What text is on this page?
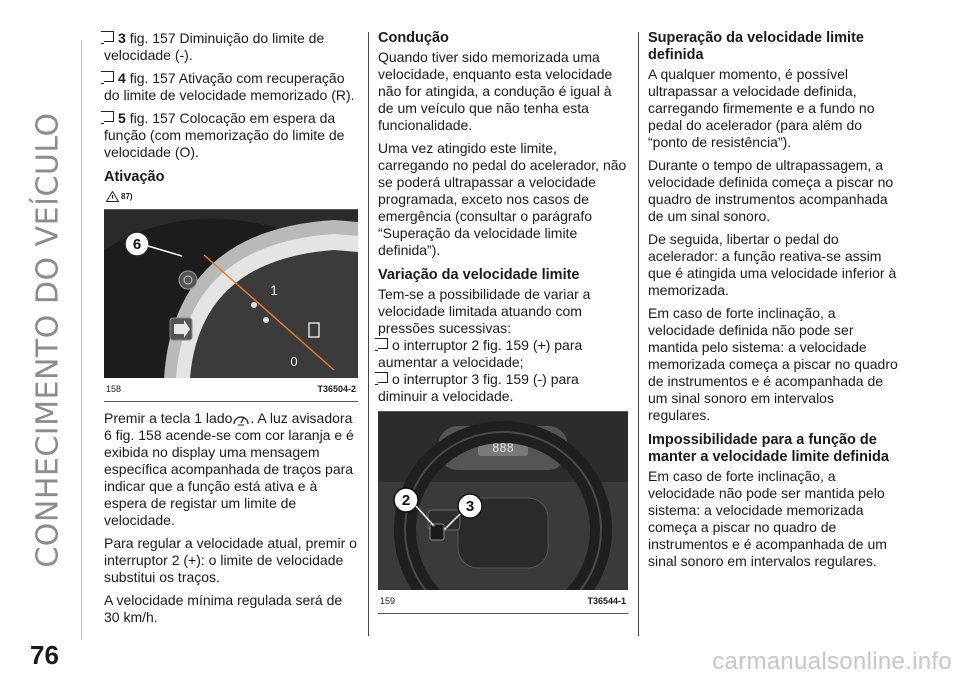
CONHECIMENTO DO VEÍCULO

3 fig. 157 Diminuição do limite de velocidade (-).

4 fig. 157 Ativação com recuperação do limite de velocidade memorizado (R).

5 fig. 157 Colocação em espera da função (com memorização do limite de velocidade (O).

Ativação
87)
6
1
0
158	T36504-2

Premir a tecla 1 lado . A luz avisadora 6 fig. 158 acende-se com cor laranja e é exibida no display uma mensagem específica acompanhada de traços para indicar que a função está ativa e à espera de registar um limite de velocidade.

Para regular a velocidade atual, premir o interruptor 2 (+): o limite de velocidade substitui os traços.

A velocidade mínima regulada será de 30 km/h.

Condução

Quando tiver sido memorizada uma velocidade, enquanto esta velocidade não for atingida, a condução é igual à de um veículo que não tenha esta funcionalidade.

Uma vez atingido este limite, carregando no pedal do acelerador, não se poderá ultrapassar a velocidade programada, exceto nos casos de emergência (consultar o parágrafo “Superação da velocidade limite definida”).

Variação da velocidade limite

Tem-se a possibilidade de variar a velocidade limitada atuando com pressões sucessivas:

o interruptor 2 fig. 159 (+) para aumentar a velocidade;

o interruptor 3 fig. 159 (-) para diminuir a velocidade.

888
2	3
159	T36544-1
Superação da velocidade limite definida

A qualquer momento, é possível ultrapassar a velocidade definida, carregando firmemente e a fundo no pedal do acelerador (para além do “ponto de resistência”).

Durante o tempo de ultrapassagem, a velocidade definida começa a piscar no quadro de instrumentos acompanhada de um sinal sonoro.

De seguida, libertar o pedal do acelerador: a função reativa-se assim que é atingida uma velocidade inferior à memorizada.

Em caso de forte inclinação, a velocidade definida não pode ser mantida pelo sistema: a velocidade memorizada começa a piscar no quadro de instrumentos e é acompanhada de um sinal sonoro em intervalos regulares.

Impossibilidade para a função de manter a velocidade limite definida

Em caso de forte inclinação, a velocidade não pode ser mantida pelo sistema: a velocidade memorizada começa a piscar no quadro de instrumentos e é acompanhada de um sinal sonoro em intervalos regulares.

76	carmanualsonline.info
